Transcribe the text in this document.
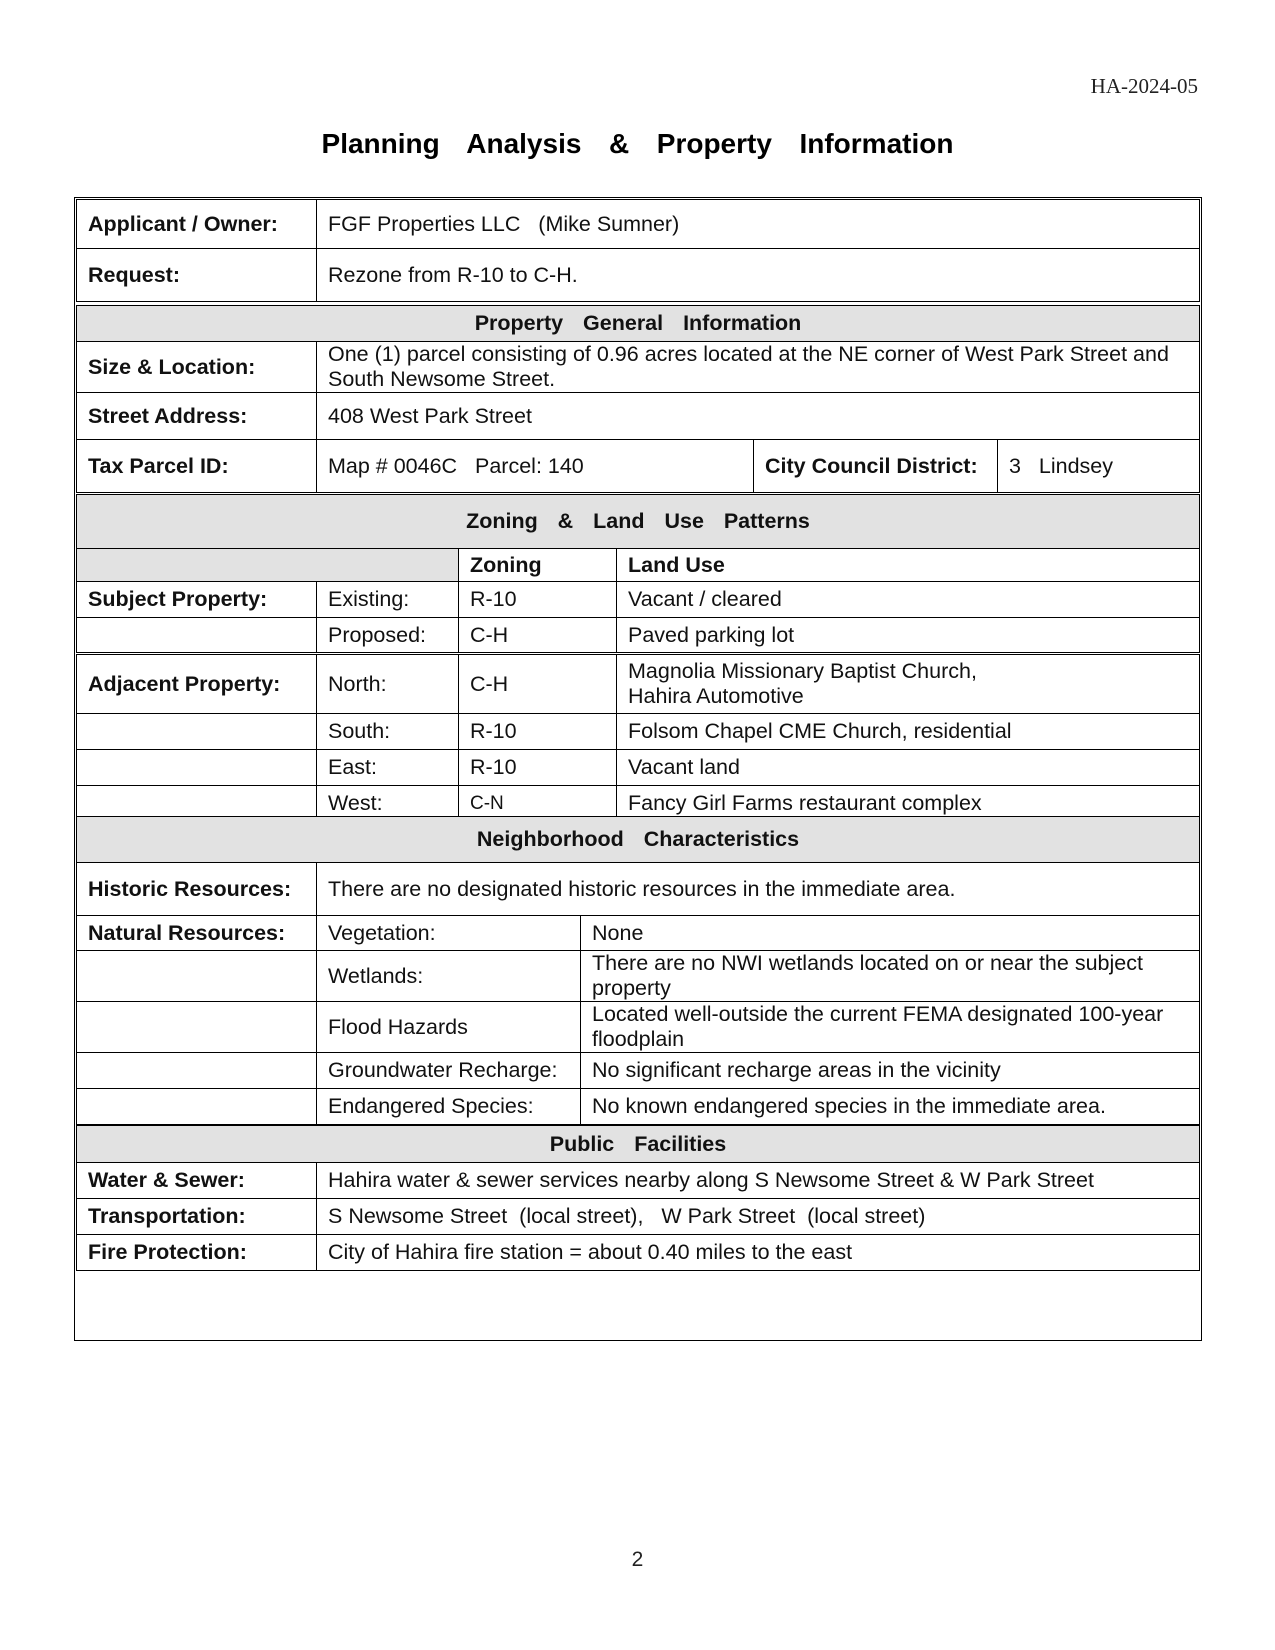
HA-2024-05
Planning  Analysis  &  Property  Information
Applicant / Owner:	FGF Properties LLC   (Mike Sumner)
Request:	Rezone from R-10 to C-H.
Property  General  Information			
Size & Location:	One (1) parcel consisting of 0.96 acres located at the NE corner of West Park Street and South Newsome Street.		
Street Address:	408 West Park Street		
Tax Parcel ID:	Map # 0046C   Parcel: 140	City Council District:	3   Lindsey
Zoning  &  Land  Use  Patterns			
		Zoning	Land Use
Subject Property:	Existing:	R-10	Vacant / cleared
	Proposed:	C-H	Paved parking lot
Adjacent Property:	North:	C-H	Magnolia Missionary Baptist Church,
Hahira Automotive

	South:	R-10	Folsom Chapel CME Church, residential
	East:	R-10	Vacant land
	West:	C-N	Fancy Girl Farms restaurant complex
Neighborhood  Characteristics		
Historic Resources:	There are no designated historic resources in the immediate area.	
Natural Resources:	Vegetation:	None
	Wetlands:	There are no NWI wetlands located on or near the subject property
	Flood Hazards	Located well-outside the current FEMA designated 100-year floodplain
	Groundwater Recharge:	No significant recharge areas in the vicinity
	Endangered Species:	No known endangered species in the immediate area.
Public  Facilities	
Water & Sewer:	Hahira water & sewer services nearby along S Newsome Street & W Park Street
Transportation:	S Newsome Street  (local street),   W Park Street  (local street)
Fire Protection:	City of Hahira fire station = about 0.40 miles to the east
2
